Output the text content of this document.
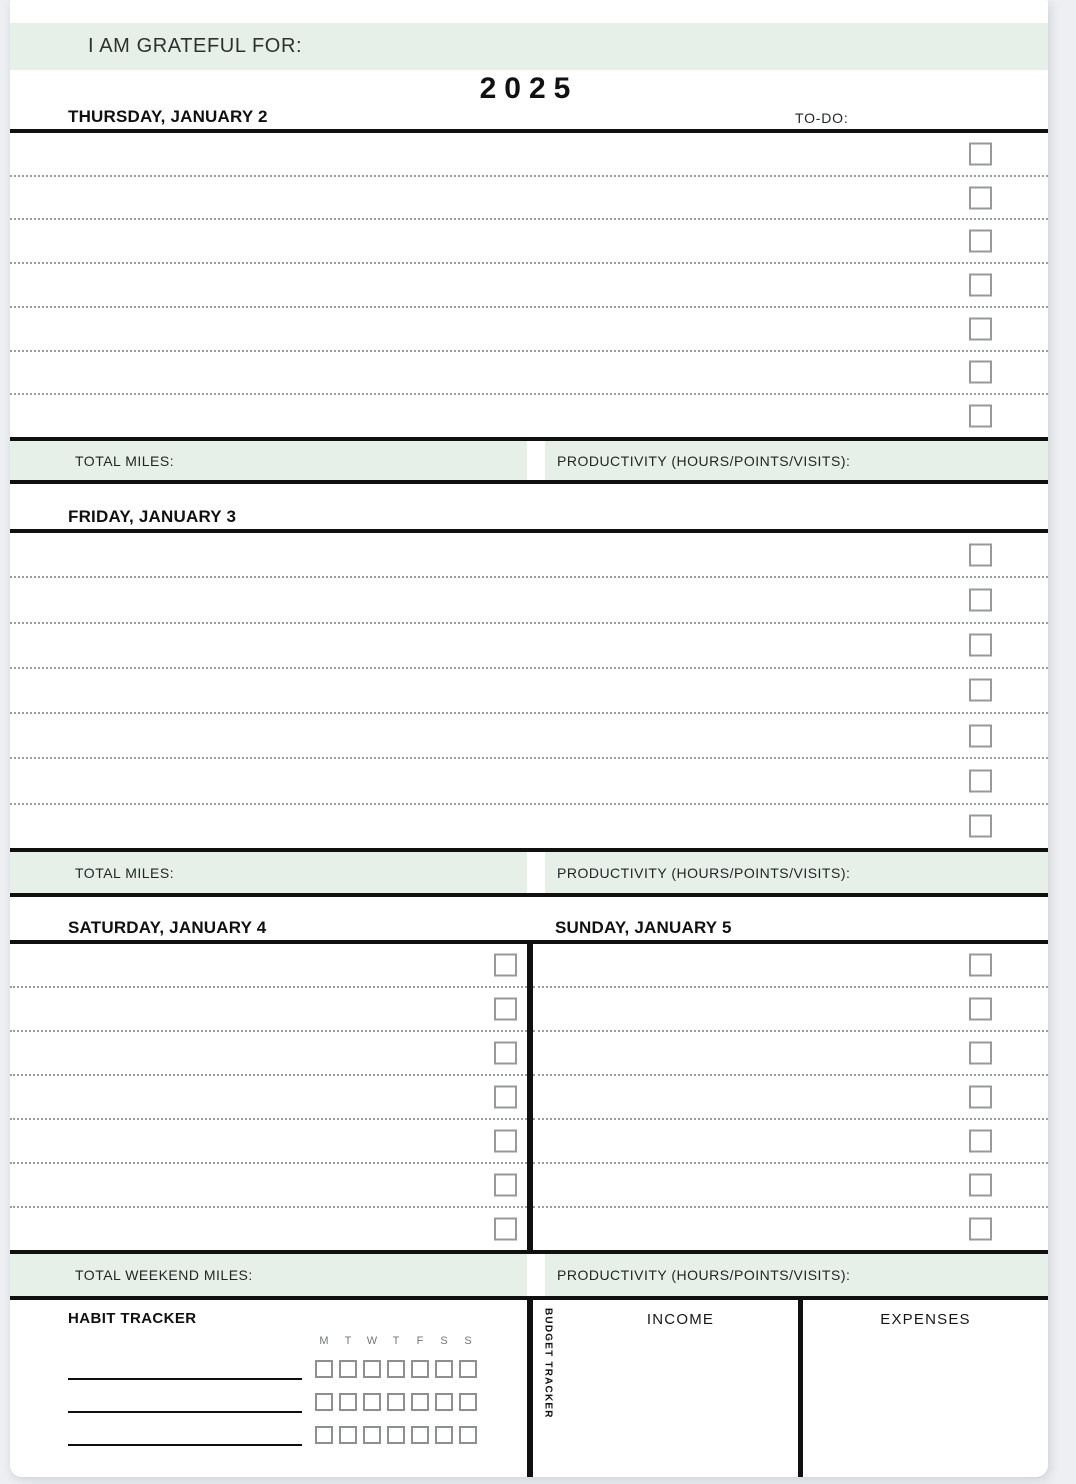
I AM GRATEFUL FOR:
2025
THURSDAY, JANUARY 2	TO-DO:
TOTAL MILES:	PRODUCTIVITY (HOURS/POINTS/VISITS):
FRIDAY, JANUARY 3
TOTAL MILES:	PRODUCTIVITY (HOURS/POINTS/VISITS):
SATURDAY, JANUARY 4	SUNDAY, JANUARY 5
TOTAL WEEKEND MILES:	PRODUCTIVITY (HOURS/POINTS/VISITS):
HABIT TRACKER
M	T	W	T	F	S	S	BUDGET TRACKER	INCOME	EXPENSES
